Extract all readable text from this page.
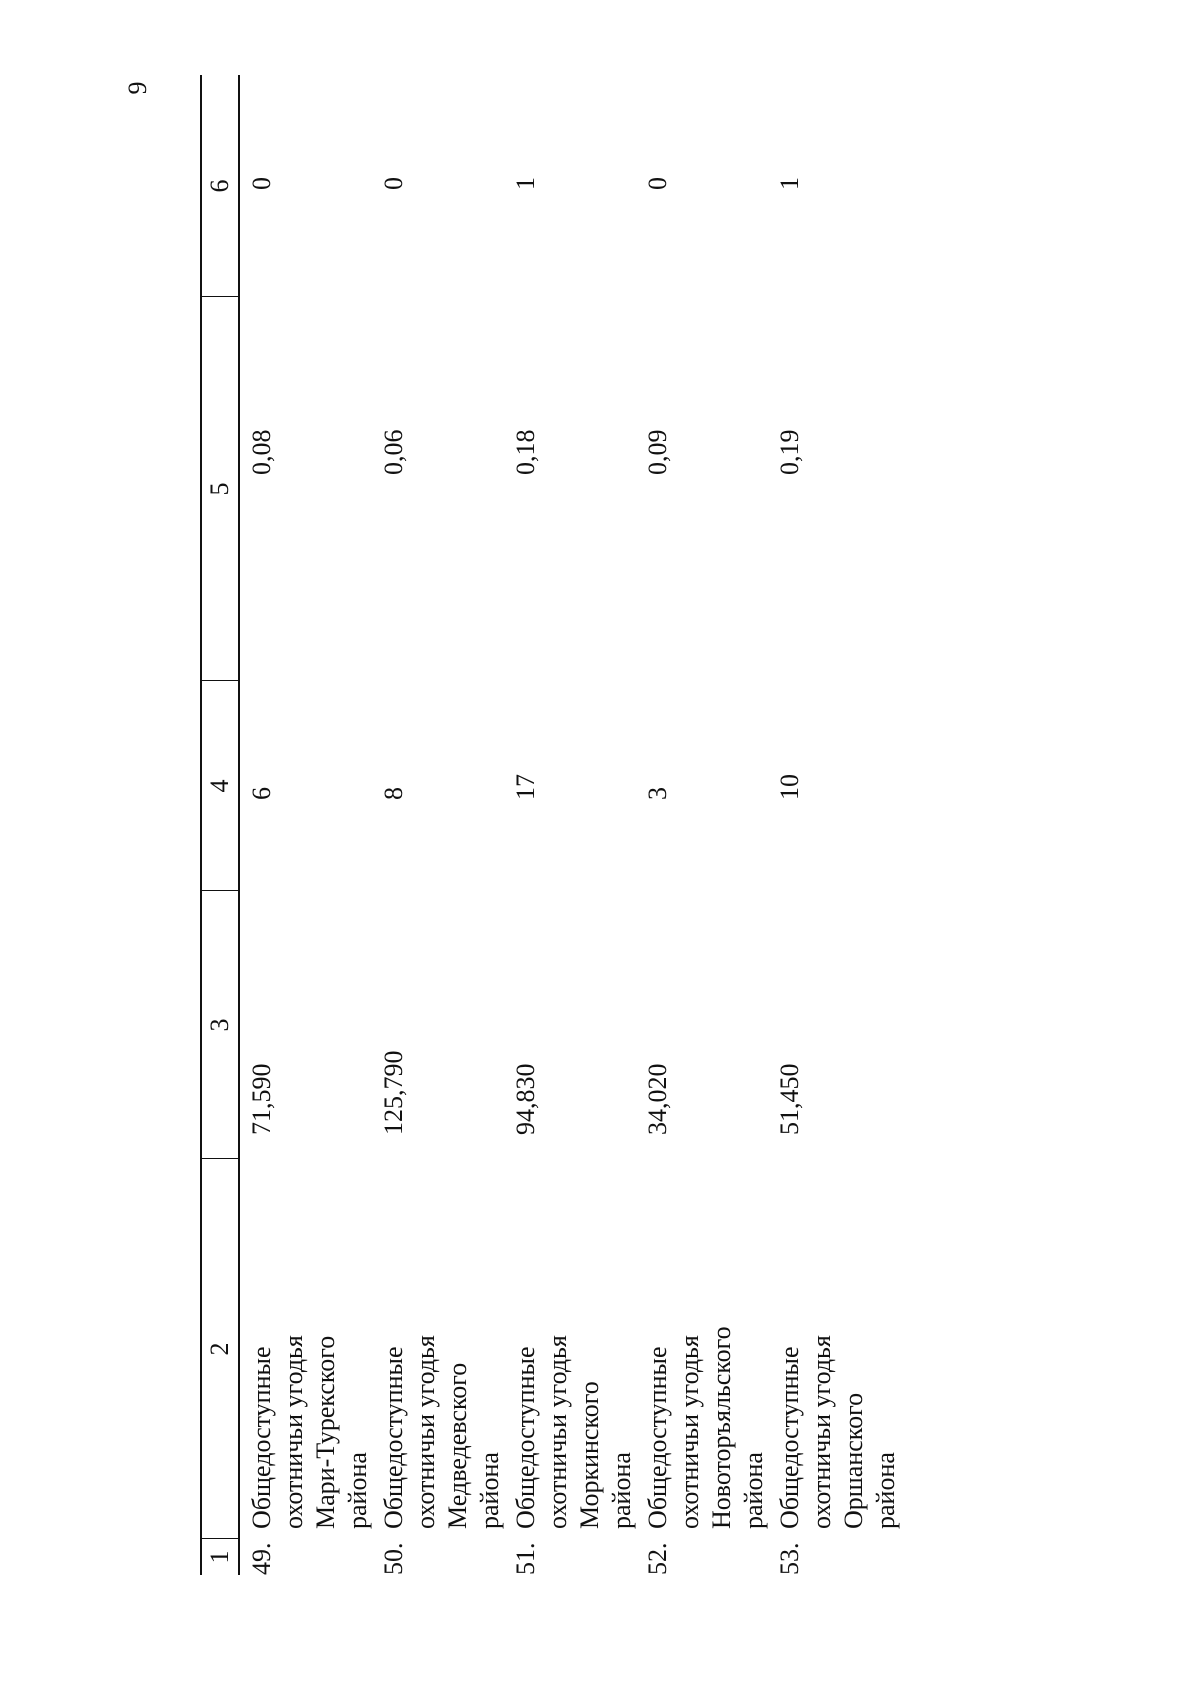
9
1
2
3
4
5
6
49.Общедоступные охотничьи угодья Мари-Турекского района
71,590
6
0,08
0
50.Общедоступные охотничьи угодья Медведевского района
125,790
8
0,06
0
51.Общедоступные охотничьи угодья Моркинского района
94,830
17
0,18
1
52.Общедоступные охотничьи угодья Новоторъяльского района
34,020
3
0,09
0
53.Общедоступные охотничьи угодья Оршанского района
51,450
10
0,19
1
